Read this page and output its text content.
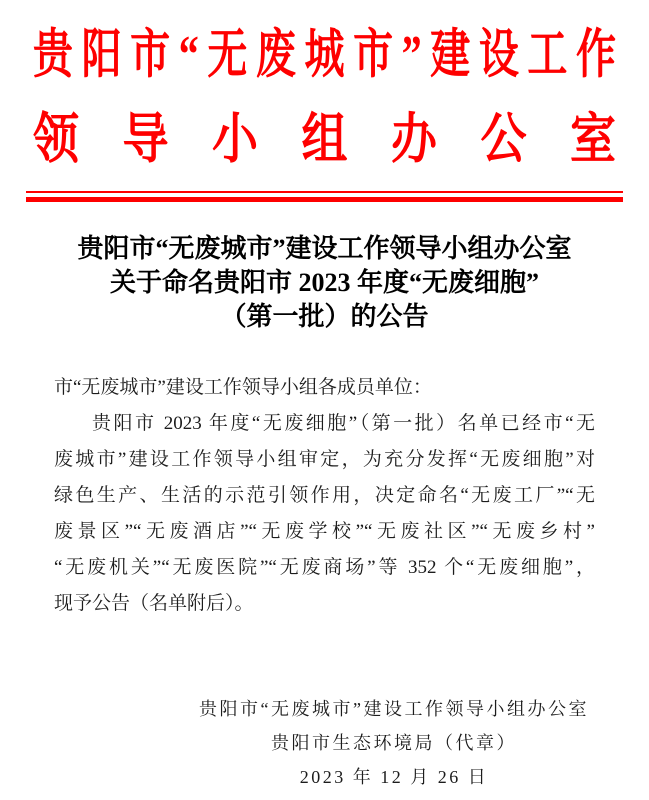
贵阳市“无废城市”建设工作
领导小组办公室
贵阳市“无废城市”建设工作领导小组办公室
关于命名贵阳市 2023 年度“无废细胞”
（第一批）的公告
市“无废城市”建设工作领导小组各成员单位：
贵阳市 2023 年度“无废细胞”（第一批）名单已经市“无
废城市”建设工作领导小组审定，为充分发挥“无废细胞”对
绿色生产、生活的示范引领作用，决定命名“无废工厂”“无
废景区”“无废酒店”“无废学校”“无废社区”“无废乡村”
“无废机关”“无废医院”“无废商场”等 352 个“无废细胞”，
现予公告（名单附后）。
贵阳市“无废城市”建设工作领导小组办公室
贵阳市生态环境局（代章）
2023 年 12 月 26 日
